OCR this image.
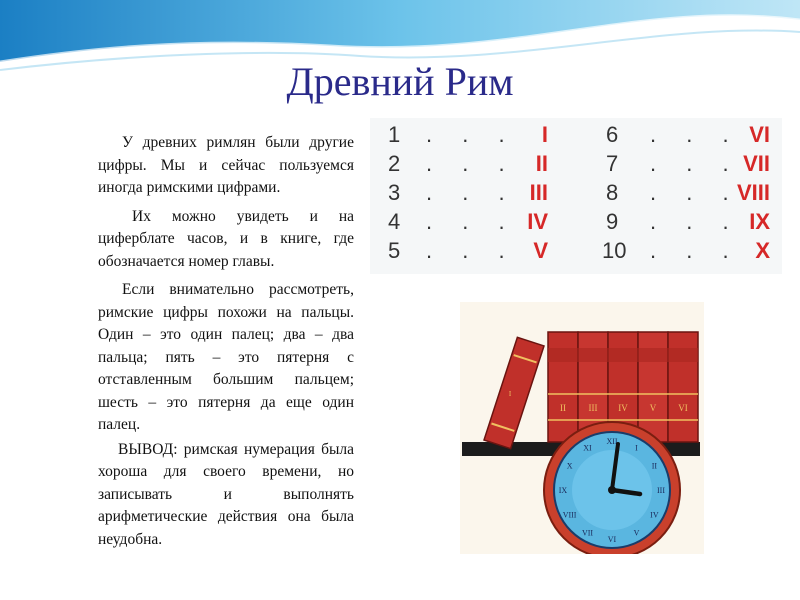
Древний Рим

У древних римлян были другие цифры. Мы и сейчас пользуемся иногда римскими цифрами.

Их можно увидеть и на циферблате часов, и в книге, где обозначается номер главы.

Если внимательно рассмотреть, римские цифры похожи на пальцы. Один – это один палец; два – два пальца; пять – это пятерня с отставленным большим пальцем; шесть – это пятерня да еще один палец.

ВЫВОД: римская нумерация была хороша для своего времени, но записывать и выполнять арифметические действия она была неудобна.

1
2
3
4
5
. . .
. . .
. . .
. . .
. . .
I
II
III
IV
V
6
7
8
9
10
. . .
. . .
. . .
. . .
. . .
VI
VII
VIII
IX
X
I
II	III IV V VI
XII
I
II
III
IV
V
VI
VII
VIII
IX
X
XI
